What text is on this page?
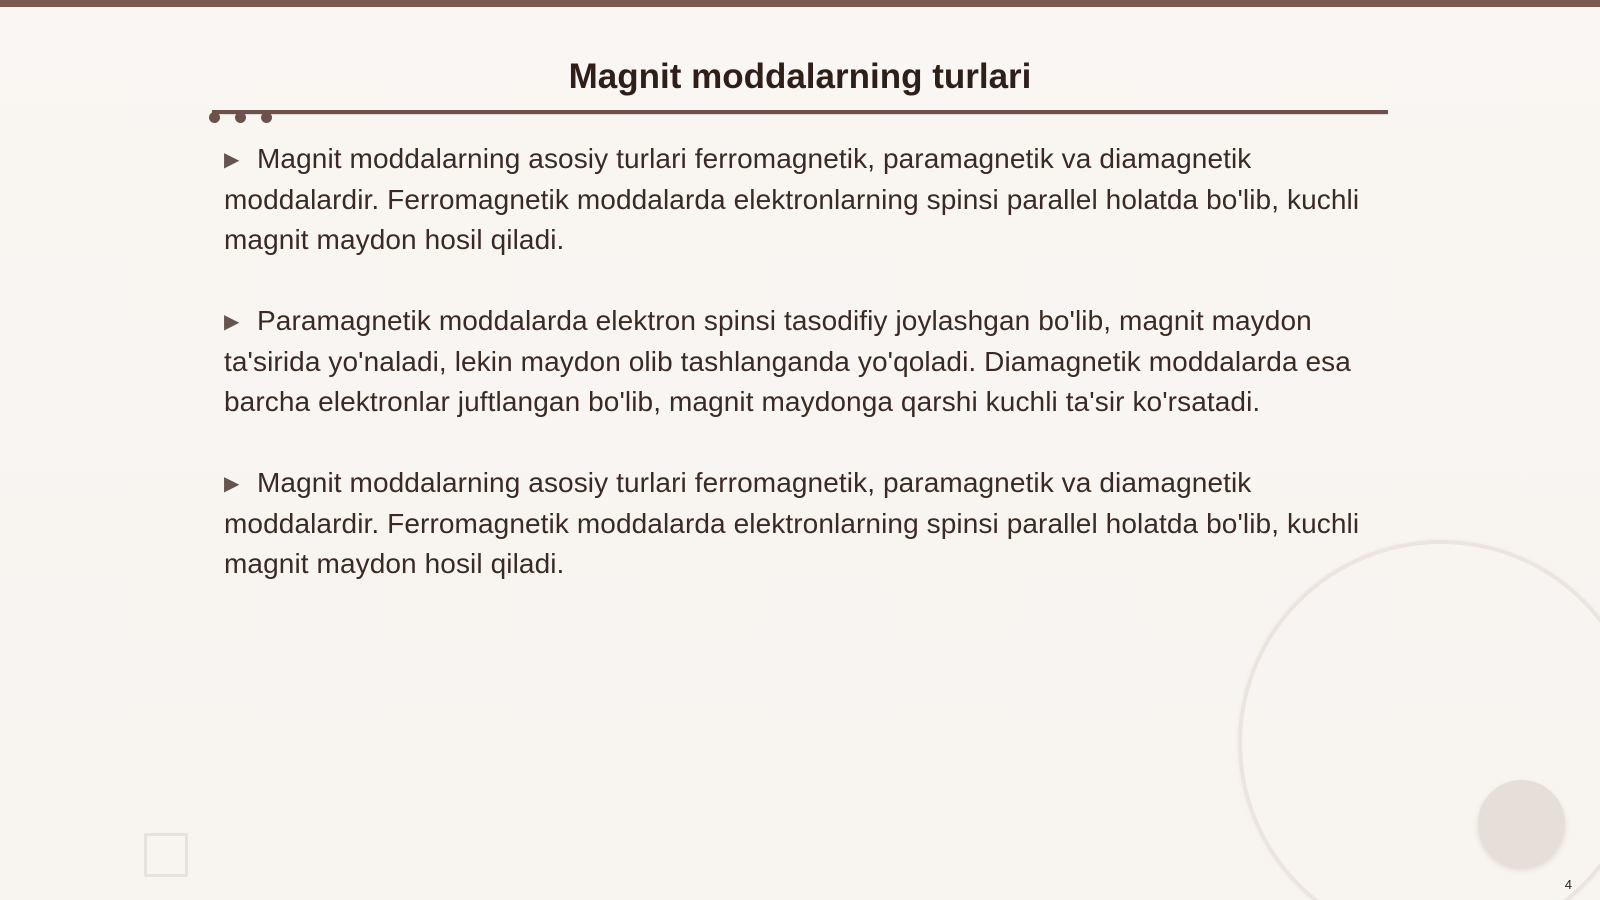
Magnit moddalarning turlari

▶ Magnit moddalarning asosiy turlari ferromagnetik, paramagnetik va diamagnetik moddalardir. Ferromagnetik moddalarda elektronlarning spinsi parallel holatda bo'lib, kuchli magnit maydon hosil qiladi.

▶ Paramagnetik moddalarda elektron spinsi tasodifiy joylashgan bo'lib, magnit maydon ta'sirida yo'naladi, lekin maydon olib tashlanganda yo'qoladi. Diamagnetik moddalarda esa barcha elektronlar juftlangan bo'lib, magnit maydonga qarshi kuchli ta'sir ko'rsatadi.

▶ Magnit moddalarning asosiy turlari ferromagnetik, paramagnetik va diamagnetik moddalardir. Ferromagnetik moddalarda elektronlarning spinsi parallel holatda bo'lib, kuchli magnit maydon hosil qiladi.

4
